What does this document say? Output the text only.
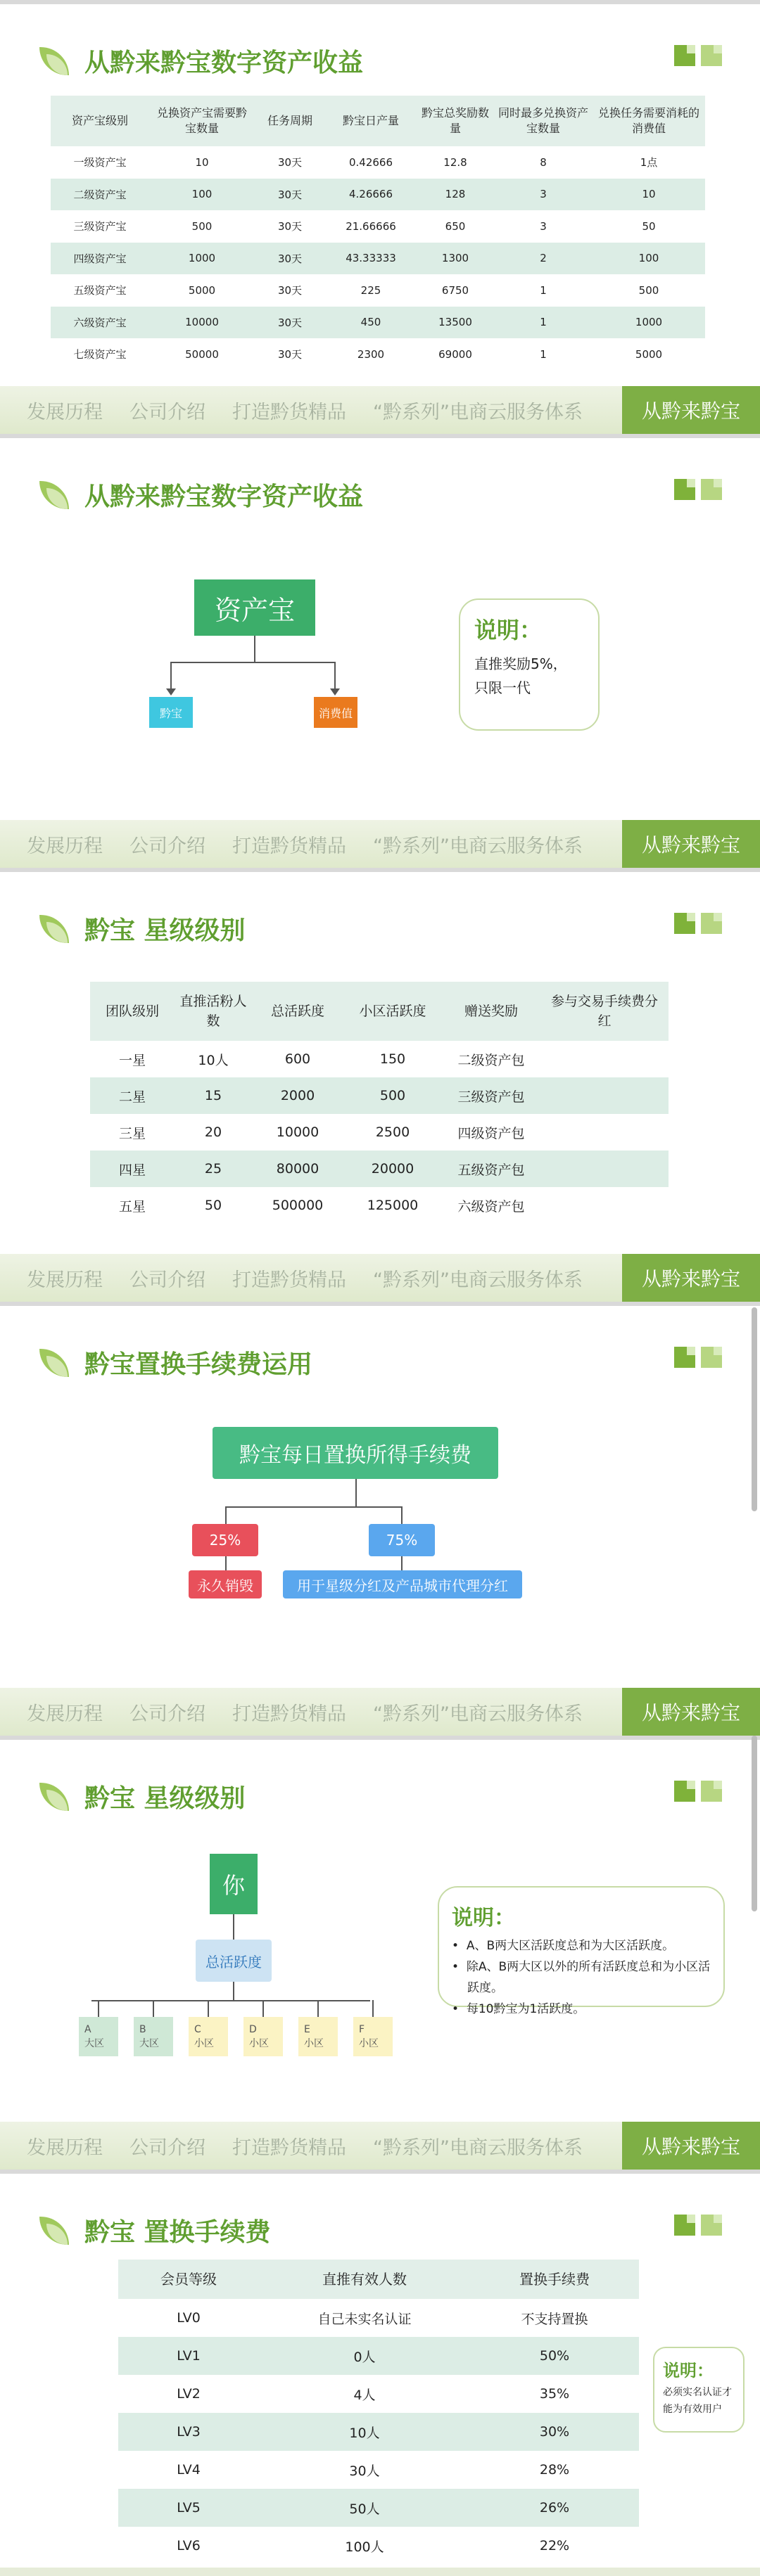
从黔来黔宝数字资产收益
资产宝级别	兑换资产宝需要黔宝数量	任务周期	黔宝日产量	黔宝总奖励数量	同时最多兑换资产宝数量	兑换任务需要消耗的消费值
一级资产宝	10	30天	0.42666	12.8	8	1点
二级资产宝	100	30天	4.26666	128	3	10
三级资产宝	500	30天	21.66666	650	3	50
四级资产宝	1000	30天	43.33333	1300	2	100
五级资产宝	5000	30天	225	6750	1	500
六级资产宝	10000	30天	450	13500	1	1000
七级资产宝	50000	30天	2300	69000	1	5000
发展历程 公司介绍 打造黔货精品 “黔系列”电商云服务体系	从黔来黔宝
从黔来黔宝数字资产收益
资产宝
黔宝	消费值
说明：
直推奖励5%，
只限一代
发展历程 公司介绍 打造黔货精品 “黔系列”电商云服务体系	从黔来黔宝
黔宝 星级级别
团队级别	直推活粉人数	总活跃度	小区活跃度	赠送奖励	参与交易手续费分红
一星	10人	600	150	二级资产包	
二星	15	2000	500	三级资产包	
三星	20	10000	2500	四级资产包	
四星	25	80000	20000	五级资产包	
五星	50	500000	125000	六级资产包	
发展历程 公司介绍 打造黔货精品 “黔系列”电商云服务体系	从黔来黔宝
黔宝置换手续费运用
黔宝每日置换所得手续费
25%	75%
永久销毁	用于星级分红及产品城市代理分红
发展历程 公司介绍 打造黔货精品 “黔系列”电商云服务体系	从黔来黔宝
黔宝 星级级别
你
总活跃度
A
大区
B
大区
C
小区
D
小区
E
小区
F
小区
说明：
•  A、B两大区活跃度总和为大区活跃度。
•  除A、B两大区以外的所有活跃度总和为小区活跃度。
•  每10黔宝为1活跃度。
发展历程 公司介绍 打造黔货精品 “黔系列”电商云服务体系	从黔来黔宝
黔宝 置换手续费
会员等级	直推有效人数	置换手续费
LV0	自己未实名认证	不支持置换
LV1	0人	50%
LV2	4人	35%
LV3	10人	30%
LV4	30人	28%
LV5	50人	26%
LV6	100人	22%
说明：
必须实名认证才能为有效用户
